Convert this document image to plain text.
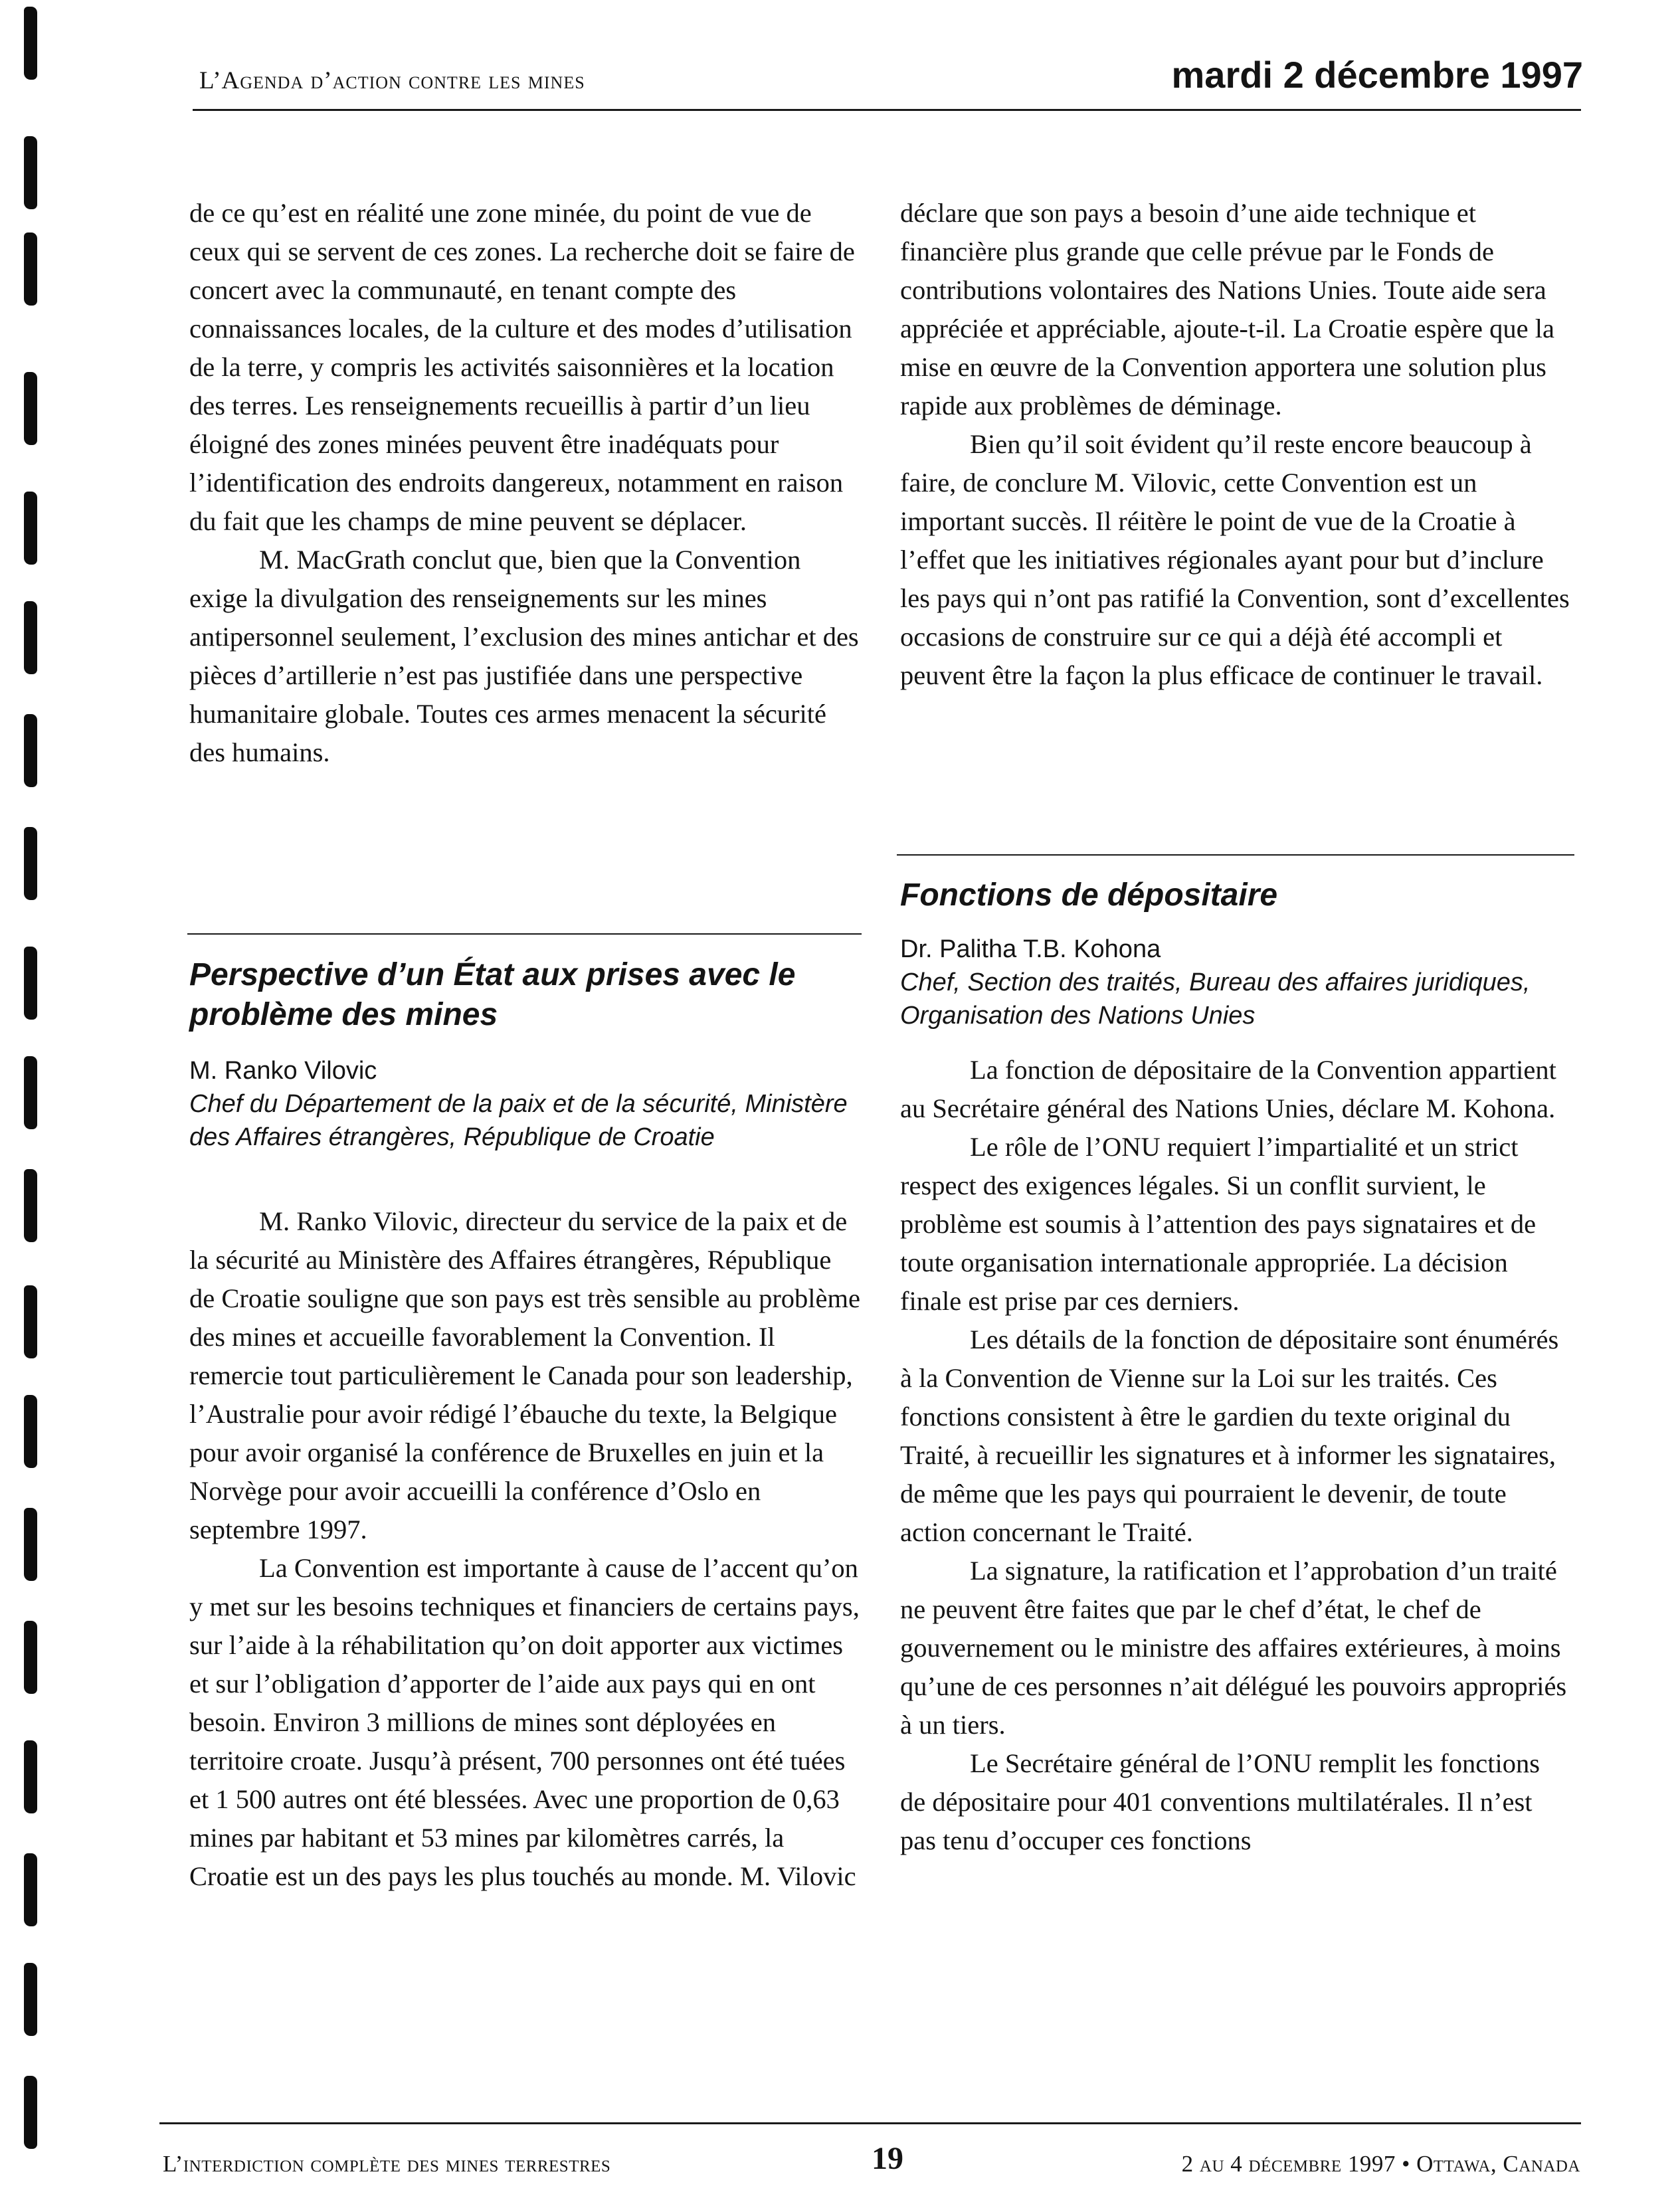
L’Agenda d’action contre les mines	mardi 2 décembre 1997

de ce qu’est en réalité une zone minée, du point de vue de ceux qui se servent de ces zones. La recherche doit se faire de concert avec la communauté, en tenant compte des connaissances locales, de la culture et des modes d’utilisation de la terre, y compris les activités saisonnières et la location des terres. Les renseignements recueillis à partir d’un lieu éloigné des zones minées peuvent être inadéquats pour l’identification des endroits dangereux, notamment en raison du fait que les champs de mine peuvent se déplacer.

M. MacGrath conclut que, bien que la Convention exige la divulgation des renseignements sur les mines antipersonnel seulement, l’exclusion des mines antichar et des pièces d’artillerie n’est pas justifiée dans une perspective humanitaire globale. Toutes ces armes menacent la sécurité des humains.

Perspective d’un État aux prises avec le problème des mines
M. Ranko Vilovic
Chef du Département de la paix et de la sécurité, Ministère des Affaires étrangères, République de Croatie

M. Ranko Vilovic, directeur du service de la paix et de la sécurité au Ministère des Affaires étrangères, République de Croatie souligne que son pays est très sensible au problème des mines et accueille favorablement la Convention. Il remercie tout particulièrement le Canada pour son leadership, l’Australie pour avoir rédigé l’ébauche du texte, la Belgique pour avoir organisé la conférence de Bruxelles en juin et la Norvège pour avoir accueilli la conférence d’Oslo en septembre 1997.

La Convention est importante à cause de l’accent qu’on y met sur les besoins techniques et financiers de certains pays, sur l’aide à la réhabilitation qu’on doit apporter aux victimes et sur l’obligation d’apporter de l’aide aux pays qui en ont besoin. Environ 3 millions de mines sont déployées en territoire croate. Jusqu’à présent, 700 personnes ont été tuées et 1 500 autres ont été blessées. Avec une proportion de 0,63 mines par habitant et 53 mines par kilomètres carrés, la Croatie est un des pays les plus touchés au monde. M. Vilovic

déclare que son pays a besoin d’une aide technique et financière plus grande que celle prévue par le Fonds de contributions volontaires des Nations Unies. Toute aide sera appréciée et appréciable, ajoute-t-il. La Croatie espère que la mise en œuvre de la Convention apportera une solution plus rapide aux problèmes de déminage.

Bien qu’il soit évident qu’il reste encore beaucoup à faire, de conclure M. Vilovic, cette Convention est un important succès. Il réitère le point de vue de la Croatie à l’effet que les initiatives régionales ayant pour but d’inclure les pays qui n’ont pas ratifié la Convention, sont d’excellentes occasions de construire sur ce qui a déjà été accompli et peuvent être la façon la plus efficace de continuer le travail.

Fonctions de dépositaire
Dr. Palitha T.B. Kohona
Chef, Section des traités, Bureau des affaires juridiques, Organisation des Nations Unies

La fonction de dépositaire de la Convention appartient au Secrétaire général des Nations Unies, déclare M. Kohona.

Le rôle de l’ONU requiert l’impartialité et un strict respect des exigences légales. Si un conflit survient, le problème est soumis à l’attention des pays signataires et de toute organisation internationale appropriée. La décision finale est prise par ces derniers.

Les détails de la fonction de dépositaire sont énumérés à la Convention de Vienne sur la Loi sur les traités. Ces fonctions consistent à être le gardien du texte original du Traité, à recueillir les signatures et à informer les signataires, de même que les pays qui pourraient le devenir, de toute action concernant le Traité.

La signature, la ratification et l’approbation d’un traité ne peuvent être faites que par le chef d’état, le chef de gouvernement ou le ministre des affaires extérieures, à moins qu’une de ces personnes n’ait délégué les pouvoirs appropriés à un tiers.

Le Secrétaire général de l’ONU remplit les fonctions de dépositaire pour 401 conventions multilatérales. Il n’est pas tenu d’occuper ces fonctions

L’interdiction complète des mines terrestres	19	2 au 4 décembre 1997 • Ottawa, Canada
